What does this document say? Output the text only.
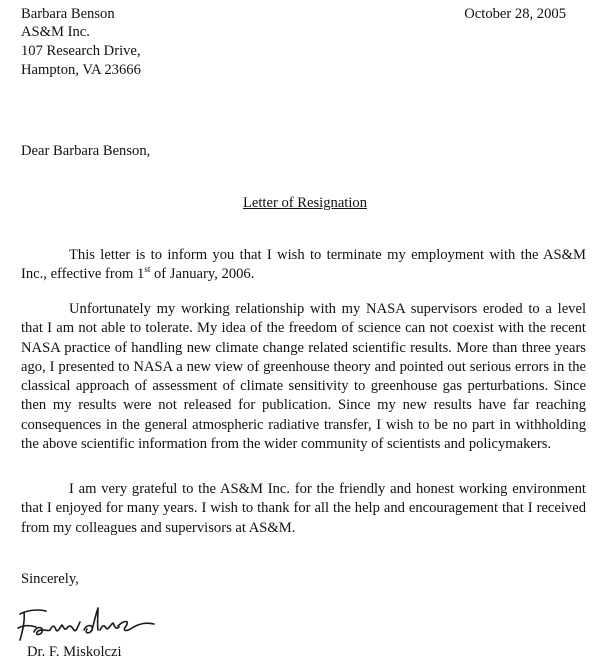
Barbara Benson
AS&M Inc.
107 Research Drive,
Hampton, VA 23666
October 28, 2005
Dear Barbara Benson,
Letter of Resignation
This letter is to inform you that I wish to terminate my employment with the AS&M Inc., effective from 1st of January, 2006.
Unfortunately my working relationship with my NASA supervisors eroded to a level that I am not able to tolerate. My idea of the freedom of science can not coexist with the recent NASA practice of handling new climate change related scientific results. More than three years ago, I presented to NASA a new view of greenhouse theory and pointed out serious errors in the classical approach of assessment of climate sensitivity to greenhouse gas perturbations. Since then my results were not released for publication. Since my new results have far reaching consequences in the general atmospheric radiative transfer, I wish to be no part in withholding the above scientific information from the wider community of scientists and policymakers.
I am very grateful to the AS&M Inc. for the friendly and honest working environment that I enjoyed for many years. I wish to thank for all the help and encouragement that I received from my colleagues and supervisors at AS&M.
Sincerely,
Dr. F. Miskolczi
